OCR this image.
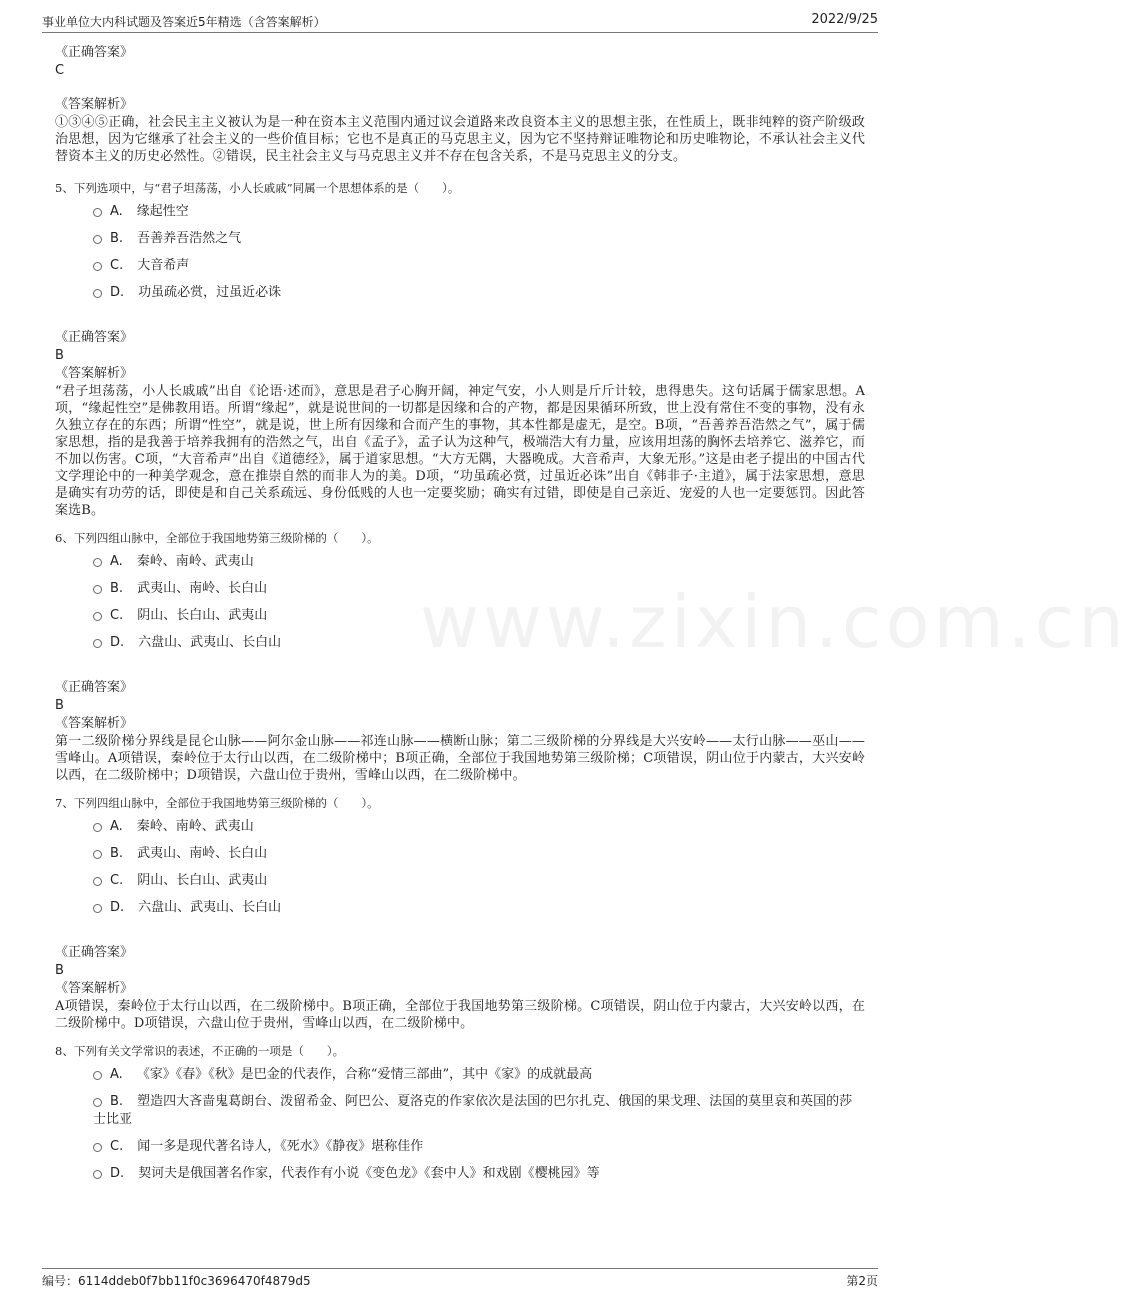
事业单位大内科试题及答案近5年精选（含答案解析）	2022/9/25
www.zixin.com.cn
《正确答案》
C
《答案解析》
①③④⑤正确，社会民主主义被认为是一种在资本主义范围内通过议会道路来改良资本主义的思想主张，在性质上，既非纯粹的资产阶级政治思想，因为它继承了社会主义的一些价值目标；它也不是真正的马克思主义，因为它不坚持辩证唯物论和历史唯物论，不承认社会主义代替资本主义的历史必然性。②错误，民主社会主义与马克思主义并不存在包含关系，不是马克思主义的分支。
5、下列选项中，与“君子坦荡荡，小人长戚戚”同属一个思想体系的是（　　）。
A. 缘起性空
B. 吾善养吾浩然之气
C. 大音希声
D. 功虽疏必赏，过虽近必诛
《正确答案》
B
《答案解析》
“君子坦荡荡，小人长戚戚”出自《论语·述而》，意思是君子心胸开阔，神定气安，小人则是斤斤计较，患得患失。这句话属于儒家思想。A项，“缘起性空”是佛教用语。所谓“缘起”，就是说世间的一切都是因缘和合的产物，都是因果循环所致，世上没有常住不变的事物，没有永久独立存在的东西；所谓“性空”，就是说，世上所有因缘和合而产生的事物，其本性都是虚无，是空。B项，“吾善养吾浩然之气”，属于儒家思想，指的是我善于培养我拥有的浩然之气，出自《孟子》，孟子认为这种气，极端浩大有力量，应该用坦荡的胸怀去培养它、滋养它，而不加以伤害。C项，“大音希声”出自《道德经》，属于道家思想。“大方无隅，大器晚成。大音希声，大象无形。”这是由老子提出的中国古代文学理论中的一种美学观念，意在推崇自然的而非人为的美。D项，“功虽疏必赏，过虽近必诛”出自《韩非子·主道》，属于法家思想，意思是确实有功劳的话，即使是和自己关系疏远、身份低贱的人也一定要奖励；确实有过错，即使是自己亲近、宠爱的人也一定要惩罚。因此答案选B。
6、下列四组山脉中，全部位于我国地势第三级阶梯的（　　）。
A. 秦岭、南岭、武夷山
B. 武夷山、南岭、长白山
C. 阴山、长白山、武夷山
D. 六盘山、武夷山、长白山
《正确答案》
B
《答案解析》
第一二级阶梯分界线是昆仑山脉——阿尔金山脉——祁连山脉——横断山脉；第二三级阶梯的分界线是大兴安岭——太行山脉——巫山——雪峰山。A项错误，秦岭位于太行山以西，在二级阶梯中；B项正确，全部位于我国地势第三级阶梯；C项错误，阴山位于内蒙古，大兴安岭以西，在二级阶梯中；D项错误，六盘山位于贵州，雪峰山以西，在二级阶梯中。
7、下列四组山脉中，全部位于我国地势第三级阶梯的（　　）。
A. 秦岭、南岭、武夷山
B. 武夷山、南岭、长白山
C. 阴山、长白山、武夷山
D. 六盘山、武夷山、长白山
《正确答案》
B
《答案解析》
A项错误，秦岭位于太行山以西，在二级阶梯中。B项正确，全部位于我国地势第三级阶梯。C项错误，阴山位于内蒙古，大兴安岭以西，在二级阶梯中。D项错误，六盘山位于贵州，雪峰山以西，在二级阶梯中。
8、下列有关文学常识的表述，不正确的一项是（　　）。
A. 《家》《春》《秋》是巴金的代表作，合称“爱情三部曲”，其中《家》的成就最高
B. 塑造四大吝啬鬼葛朗台、泼留希金、阿巴公、夏洛克的作家依次是法国的巴尔扎克、俄国的果戈理、法国的莫里哀和英国的莎士比亚
C. 闻一多是现代著名诗人，《死水》《静夜》堪称佳作
D. 契诃夫是俄国著名作家，代表作有小说《变色龙》《套中人》和戏剧《樱桃园》等
编号：6114ddeb0f7bb11f0c3696470f4879d5	第2页
